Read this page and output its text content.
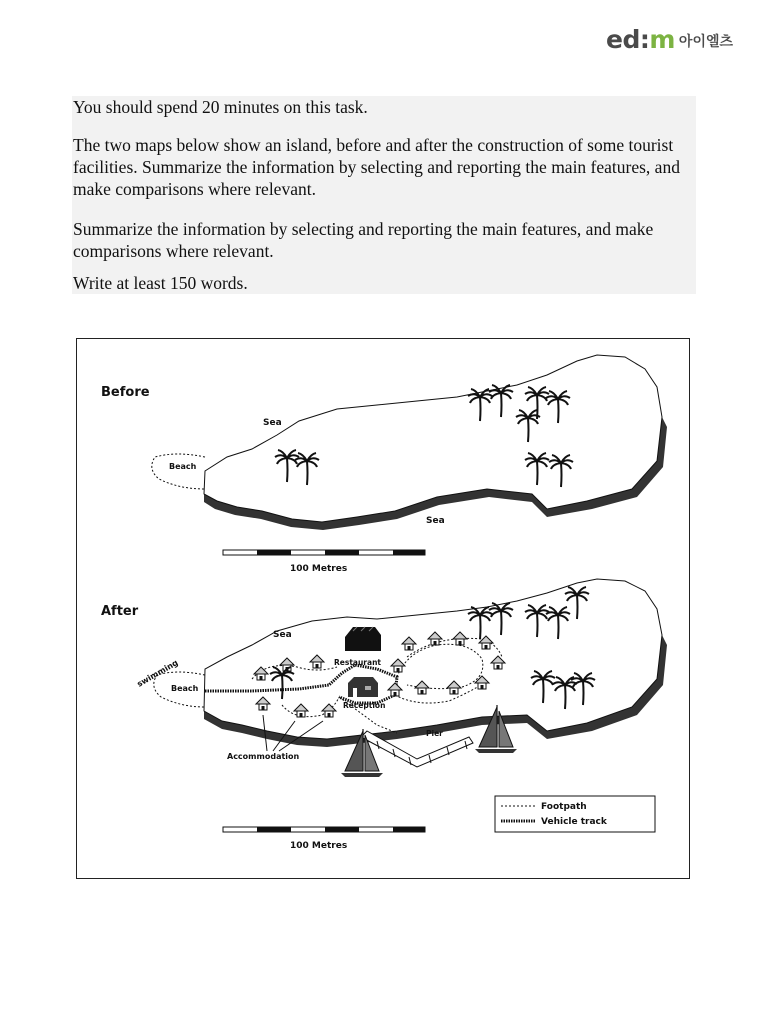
ed:m 아이엘츠

You should spend 20 minutes on this task.

The two maps below show an island, before and after the construction of some tourist facilities. Summarize the information by selecting and reporting the main features, and make comparisons where relevant.

Summarize the information by selecting and reporting the main features, and make comparisons where relevant.

Write at least 150 words.

Before
Beach
Sea
Sea
100 Metres
After
Beach
swimming
Sea
Restaurant
Reception
Pier
Accommodation
Footpath
Vehicle track
100 Metres
